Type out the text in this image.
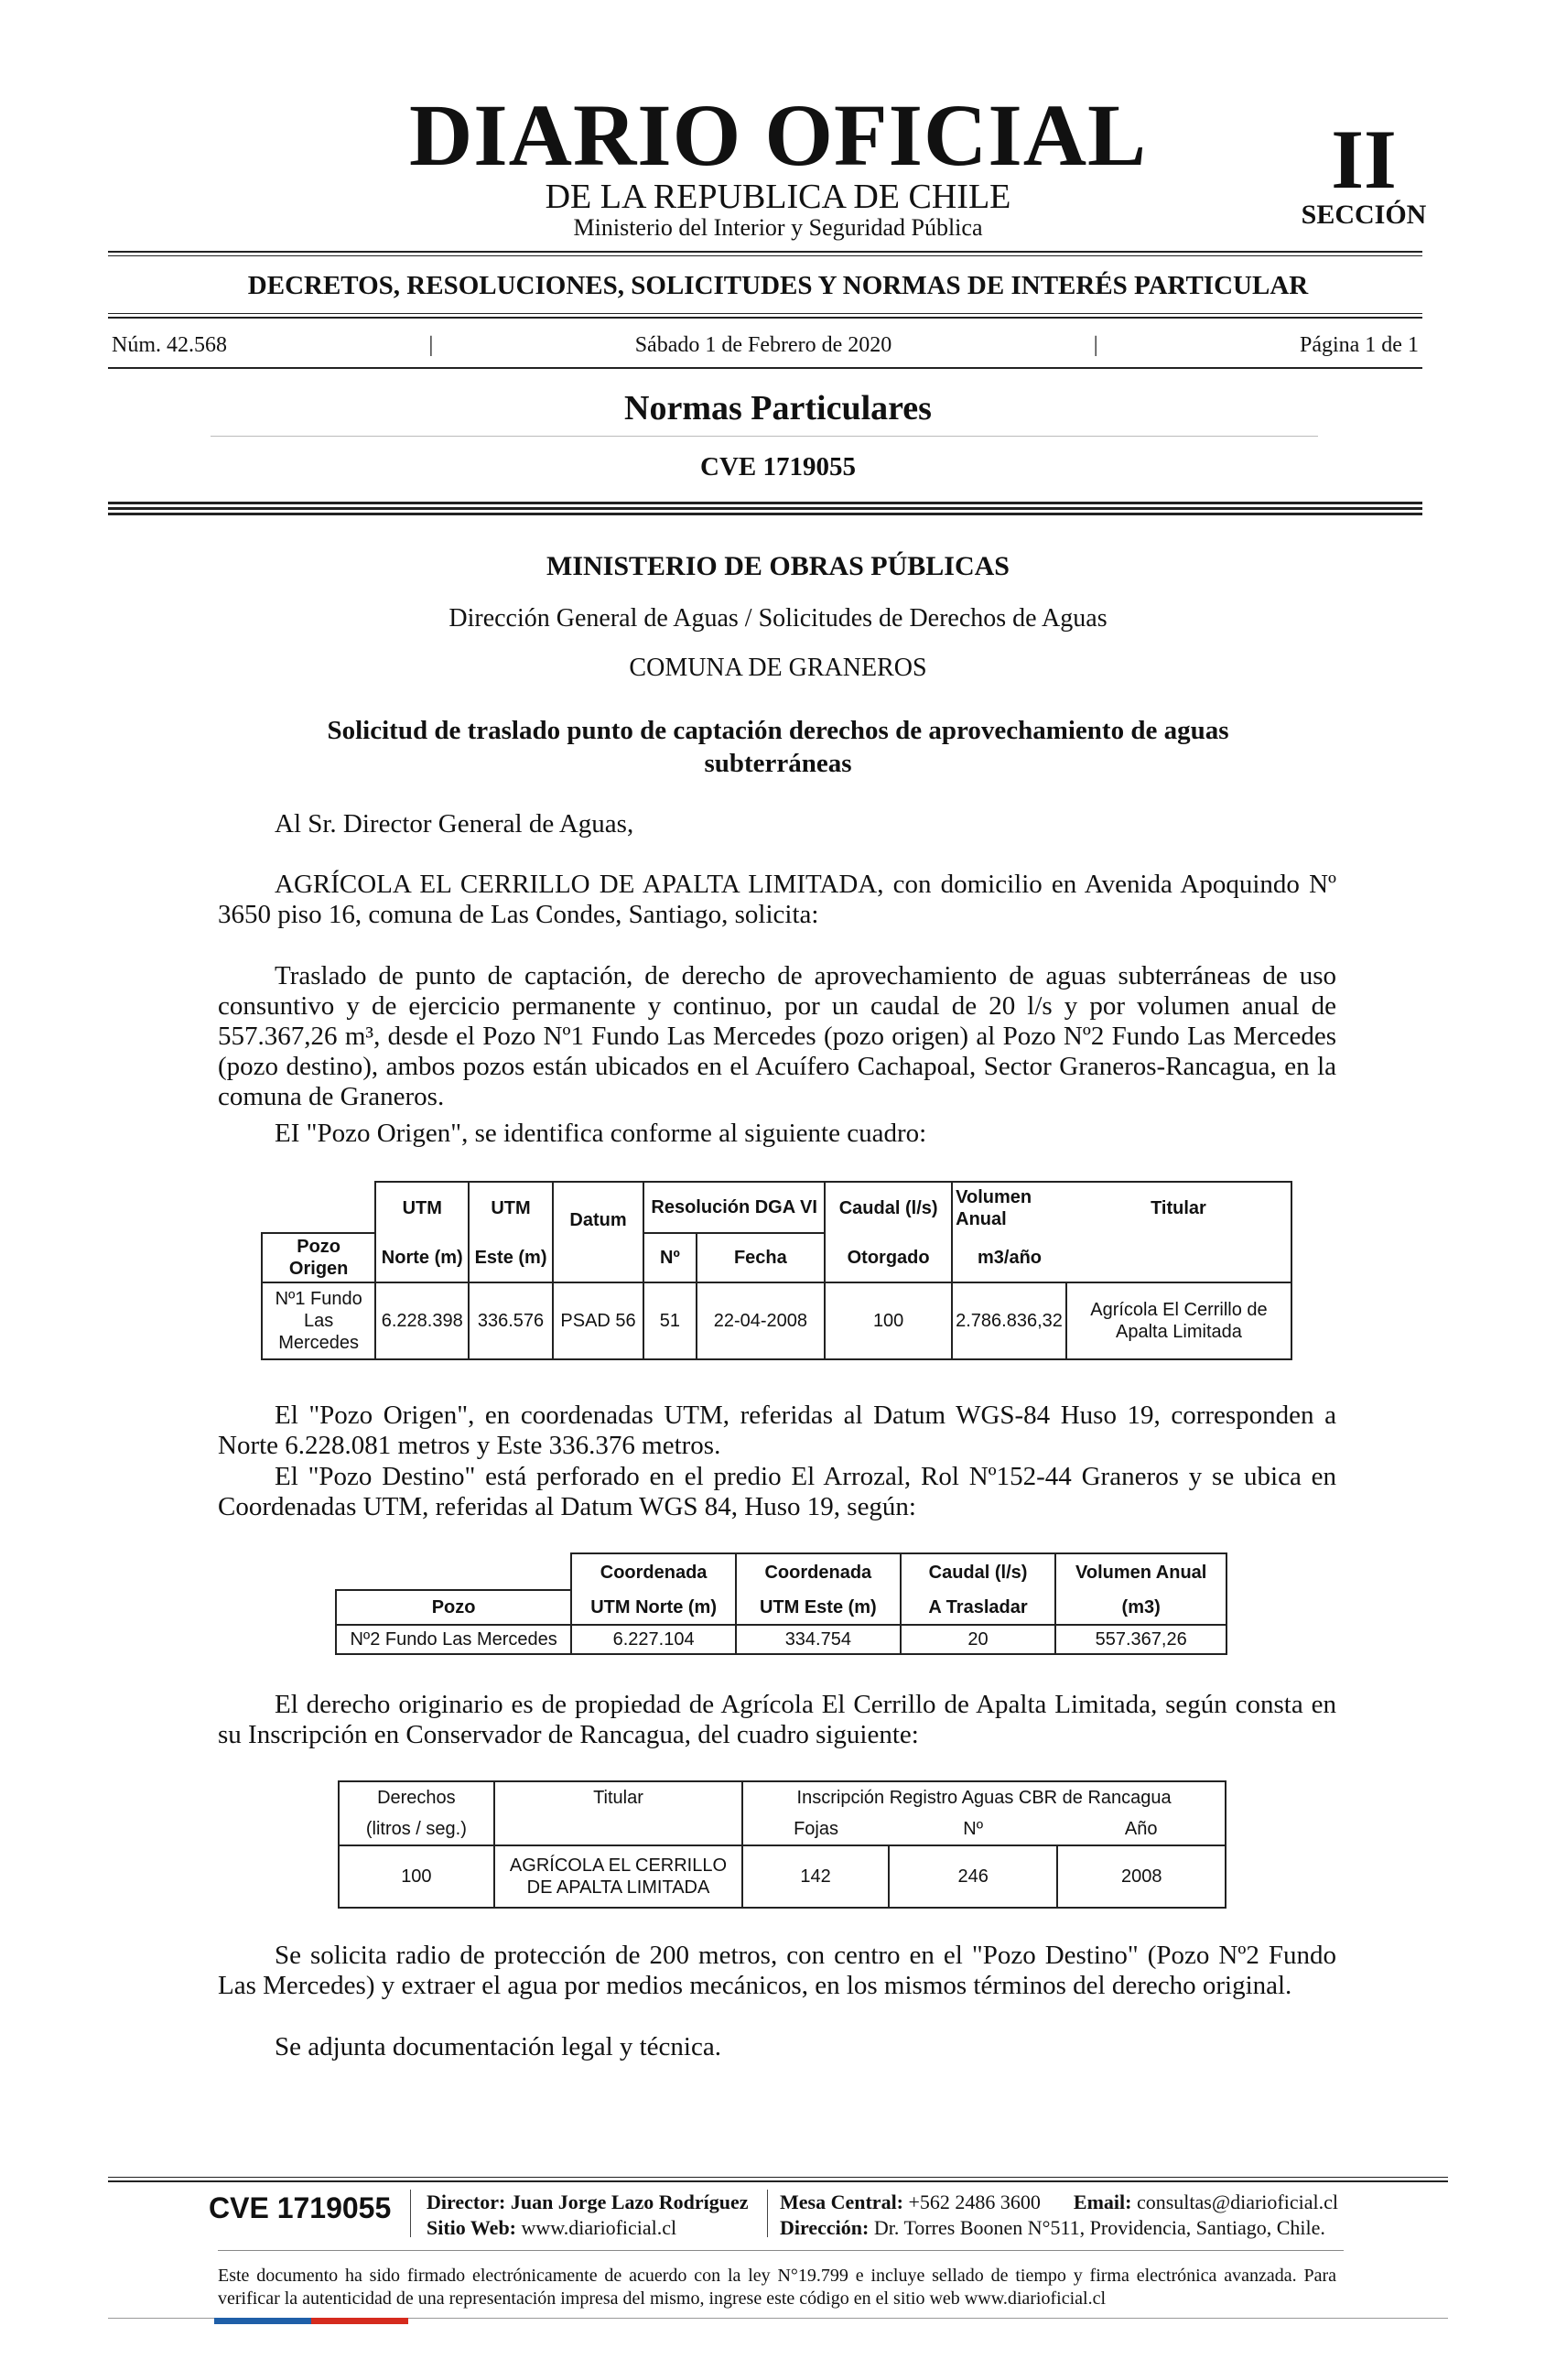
DIARIO OFICIAL
DE LA REPUBLICA DE CHILE
Ministerio del Interior y Seguridad Pública
II
SECCIÓN
DECRETOS, RESOLUCIONES, SOLICITUDES Y NORMAS DE INTERÉS PARTICULAR
Núm. 42.568	|	Sábado 1 de Febrero de 2020	|	Página 1 de 1
Normas Particulares
CVE 1719055
MINISTERIO DE OBRAS PÚBLICAS
Dirección General de Aguas / Solicitudes de Derechos de Aguas
COMUNA DE GRANEROS
Solicitud de traslado punto de captación derechos de aprovechamiento de aguas subterráneas
Al Sr. Director General de Aguas,
AGRÍCOLA EL CERRILLO DE APALTA LIMITADA, con domicilio en Avenida Apoquindo Nº 3650 piso 16, comuna de Las Condes, Santiago, solicita:
Traslado de punto de captación, de derecho de aprovechamiento de aguas subterráneas de uso consuntivo y de ejercicio permanente y continuo, por un caudal de 20 l/s y por volumen anual de 557.367,26 m³, desde el Pozo Nº1 Fundo Las Mercedes (pozo origen) al Pozo Nº2 Fundo Las Mercedes (pozo destino), ambos pozos están ubicados en el Acuífero Cachapoal, Sector Graneros-Rancagua, en la comuna de Graneros.
EI "Pozo Origen", se identifica conforme al siguiente cuadro:
	UTM	UTM	Datum	Resolución DGA VI		Caudal (l/s)	Volumen Anual	Titular
Pozo Origen	Norte (m)	Este (m)		Nº	Fecha	Otorgado	m3/año	
Nº1 Fundo Las Mercedes	6.228.398	336.576	PSAD 56	51	22-04-2008	100	2.786.836,32	Agrícola El Cerrillo de Apalta Limitada
El "Pozo Origen", en coordenadas UTM, referidas al Datum WGS-84 Huso 19, corresponden a Norte 6.228.081 metros y Este 336.376 metros.
El "Pozo Destino" está perforado en el predio El Arrozal, Rol Nº152-44 Graneros y se ubica en Coordenadas UTM, referidas al Datum WGS 84, Huso 19, según:
	Coordenada	Coordenada	Caudal (l/s)	Volumen Anual
Pozo	UTM Norte (m)	UTM Este (m)	A Trasladar	(m3)
Nº2 Fundo Las Mercedes	6.227.104	334.754	20	557.367,26
El derecho originario es de propiedad de Agrícola El Cerrillo de Apalta Limitada, según consta en su Inscripción en Conservador de Rancagua, del cuadro siguiente:
Derechos	Titular	Inscripción Registro Aguas CBR de Rancagua		
(litros / seg.)		Fojas	Nº	Año
100	AGRÍCOLA EL CERRILLO DE APALTA LIMITADA	142	246	2008
Se solicita radio de protección de 200 metros, con centro en el "Pozo Destino" (Pozo Nº2 Fundo Las Mercedes) y extraer el agua por medios mecánicos, en los mismos términos del derecho original.
Se adjunta documentación legal y técnica.
CVE 1719055 Director: Juan Jorge Lazo Rodríguez
Sitio Web: www.diarioficial.cl
Mesa Central: +562 2486 3600 Email: consultas@diarioficial.cl
Dirección: Dr. Torres Boonen N°511, Providencia, Santiago, Chile.
Este documento ha sido firmado electrónicamente de acuerdo con la ley N°19.799 e incluye sellado de tiempo y firma electrónica avanzada. Para verificar la autenticidad de una representación impresa del mismo, ingrese este código en el sitio web www.diarioficial.cl
